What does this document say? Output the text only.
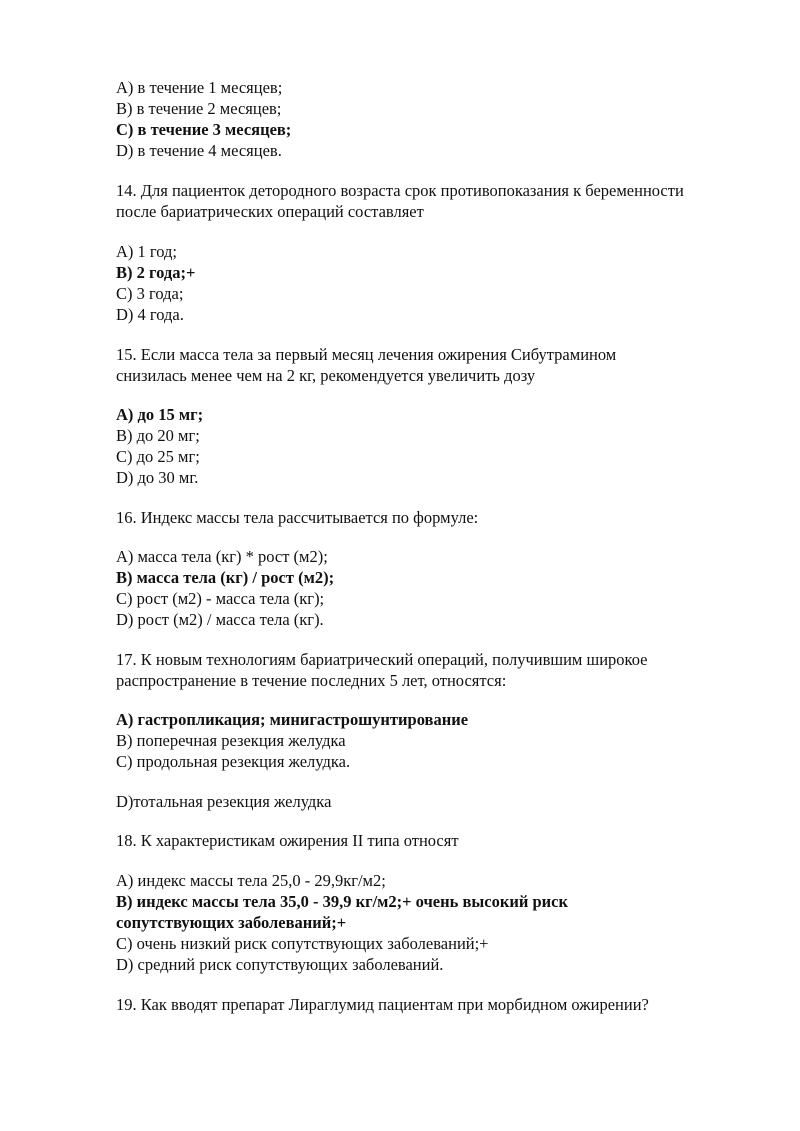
A) в течение 1 месяцев;
B) в течение 2 месяцев;
C) в течение 3 месяцев;
D) в течение 4 месяцев.
14. Для пациенток детородного возраста срок противопоказания к беременности
после бариатрических операций составляет
A) 1 год;
B) 2 года;+
C) 3 года;
D) 4 года.
15. Если масса тела за первый месяц лечения ожирения Сибутрамином
снизилась менее чем на 2 кг, рекомендуется увеличить дозу
A) до 15 мг;
B) до 20 мг;
C) до 25 мг;
D) до 30 мг.
16. Индекс массы тела рассчитывается по формуле:
A) масса тела (кг) * рост (м2);
B) масса тела (кг) / рост (м2);
C) рост (м2) - масса тела (кг);
D) рост (м2) / масса тела (кг).
17. К новым технологиям бариатрический операций, получившим широкое
распространение в течение последних 5 лет, относятся:
A) гастропликация; минигастрошунтирование
B) поперечная резекция желудка
C) продольная резекция желудка.
D)тотальная резекция желудка
18. К характеристикам ожирения II типа относят
A) индекс массы тела 25,0 - 29,9кг/м2;
B) индекс массы тела 35,0 - 39,9 кг/м2;+ очень высокий риск
сопутствующих заболеваний;+
C) очень низкий риск сопутствующих заболеваний;+
D) средний риск сопутствующих заболеваний.
19. Как вводят препарат Лираглумид пациентам при морбидном ожирении?
